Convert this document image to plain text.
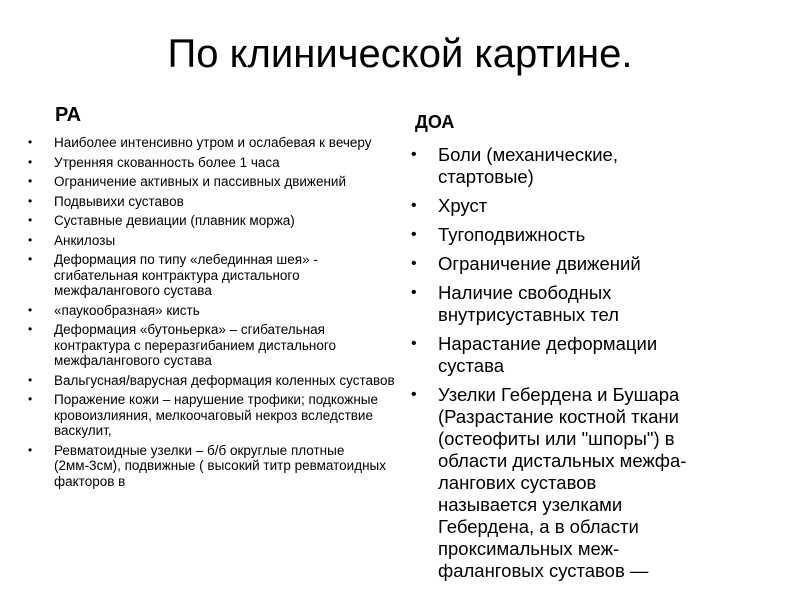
По клинической картине.
РА
• Наиболее интенсивно утром и ослабевая к вечеру
• Утренняя скованность более 1 часа
• Ограничение активных и пассивных движений
• Подвывихи суставов
• Суставные девиации (плавник моржа)
• Анкилозы
• Деформация по типу «лебединная шея» - сгибательная контрактура дистального межфалангового сустава
• «паукообразная» кисть
• Деформация «бутоньерка» – сгибательная контрактура с переразгибанием дистального межфалангового сустава
• Вальгусная/варусная деформация коленных суставов
• Поражение кожи – нарушение трофики; подкожные кровоизлияния, мелкоочаговый некроз вследствие васкулит,
• Ревматоидные узелки – б/б округлые плотные (2мм-3см), подвижные ( высокий титр ревматоидных факторов в
ДОА
• Боли (механические, стартовые)
• Хруст
• Тугоподвижность
• Ограничение движений
• Наличие свободных внутрисуставных тел
• Нарастание деформации сустава
• Узелки Гебердена и Бушара (Разрастание костной ткани (остеофиты или "шпоры") в области дистальных межфа-лангових суставов называется узелками Гебердена, а в области проксимальных меж-фаланговых суставов —
